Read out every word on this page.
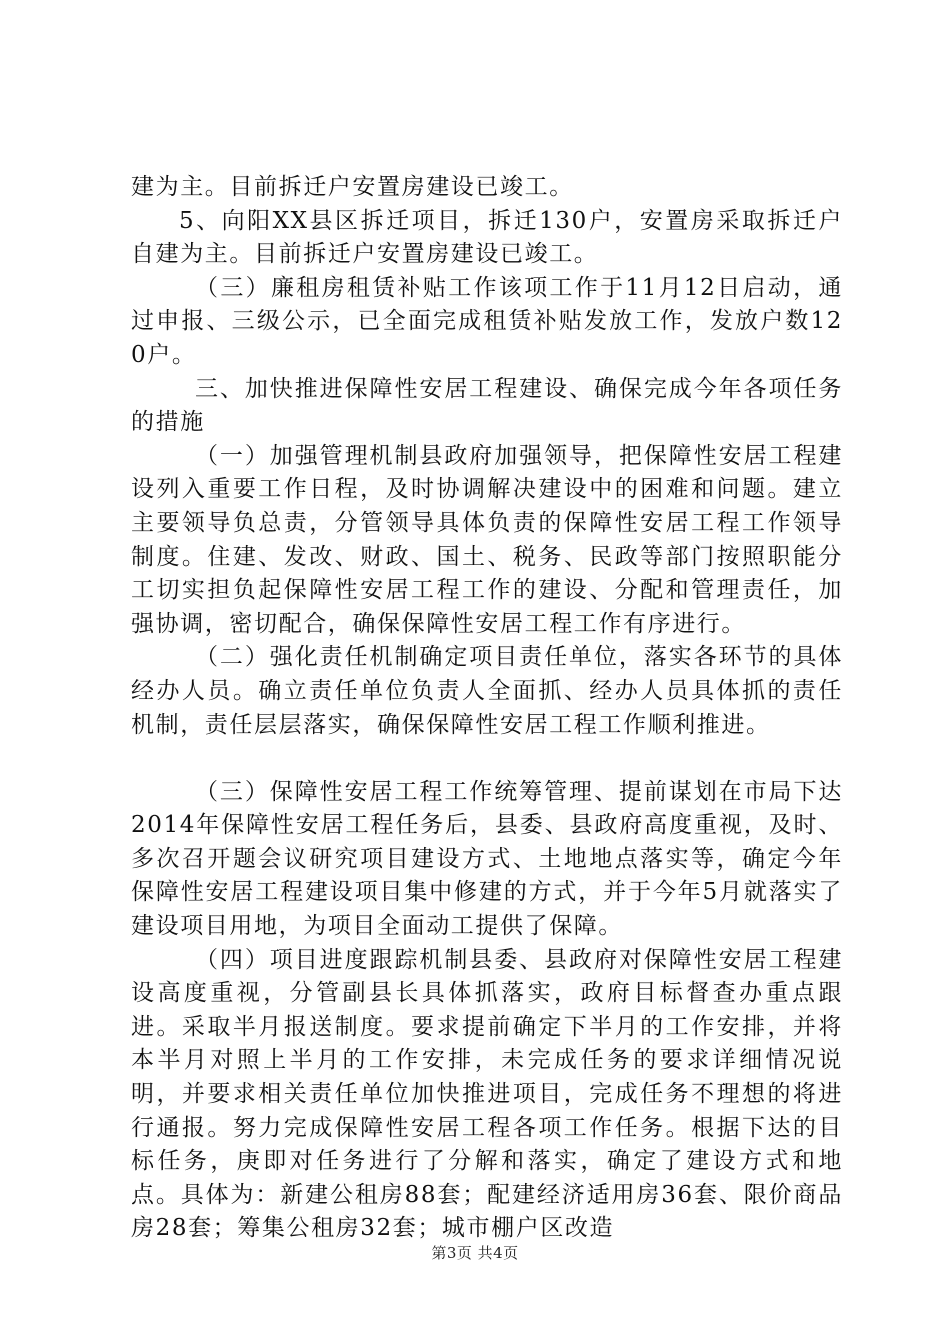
建为主。目前拆迁户安置房建设已竣工。

5、向阳XX县区拆迁项目，拆迁130户，安置房采取拆迁户自建为主。目前拆迁户安置房建设已竣工。

（三）廉租房租赁补贴工作该项工作于11月12日启动，通过申报、三级公示，已全面完成租赁补贴发放工作，发放户数120户。

三、加快推进保障性安居工程建设、确保完成今年各项任务的措施

（一）加强管理机制县政府加强领导，把保障性安居工程建设列入重要工作日程，及时协调解决建设中的困难和问题。建立主要领导负总责，分管领导具体负责的保障性安居工程工作领导制度。住建、发改、财政、国土、税务、民政等部门按照职能分工切实担负起保障性安居工程工作的建设、分配和管理责任，加强协调，密切配合，确保保障性安居工程工作有序进行。

（二）强化责任机制确定项目责任单位，落实各环节的具体经办人员。确立责任单位负责人全面抓、经办人员具体抓的责任机制，责任层层落实，确保保障性安居工程工作顺利推进。

（三）保障性安居工程工作统筹管理、提前谋划在市局下达2014年保障性安居工程任务后，县委、县政府高度重视，及时、多次召开题会议研究项目建设方式、土地地点落实等，确定今年保障性安居工程建设项目集中修建的方式，并于今年5月就落实了建设项目用地，为项目全面动工提供了保障。

（四）项目进度跟踪机制县委、县政府对保障性安居工程建设高度重视，分管副县长具体抓落实，政府目标督查办重点跟进。采取半月报送制度。要求提前确定下半月的工作安排，并将本半月对照上半月的工作安排，未完成任务的要求详细情况说明，并要求相关责任单位加快推进项目，完成任务不理想的将进行通报。努力完成保障性安居工程各项工作任务。根据下达的目标任务，庚即对任务进行了分解和落实，确定了建设方式和地点。具体为：新建公租房88套；配建经济适用房36套、限价商品房28套；筹集公租房32套；城市棚户区改造

第3页 共4页
